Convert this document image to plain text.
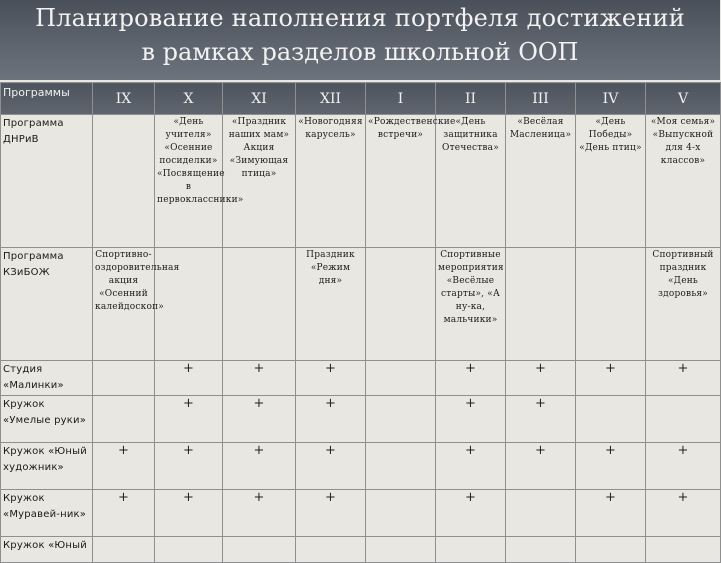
Планирование наполнения портфеля достижений
в рамках разделов школьной ООП
Программы	IX	X	XI	XII	I	II	III	IV	V
Программа ДНРиВ		«День учителя» «Осенние посиделки» «Посвящение в первоклассники»	«Праздник наших мам» Акция «Зимующая птица»	«Новогодняя карусель»	«Рождественские встречи»	«День защитника Отечества»	«Весёлая Масленица»	«День Победы» «День птиц»	«Моя семья» «Выпускной для 4-х классов»
Программа КЗиБОЖ	Спортивно-оздоровительная акция «Осенний калейдоскоп»			Праздник «Режим дня»		Спортивные мероприятия «Весёлые старты», «А ну-ка, мальчики»			Спортивный праздник «День здоровья»
Студия «Малинки»		+	+	+		+	+	+	+
Кружок «Умелые руки»		+	+	+		+	+		
Кружок «Юный художник»	+	+	+	+		+	+	+	+
Кружок «Муравей-ник»	+	+	+	+		+		+	+
Кружок «Юный									
